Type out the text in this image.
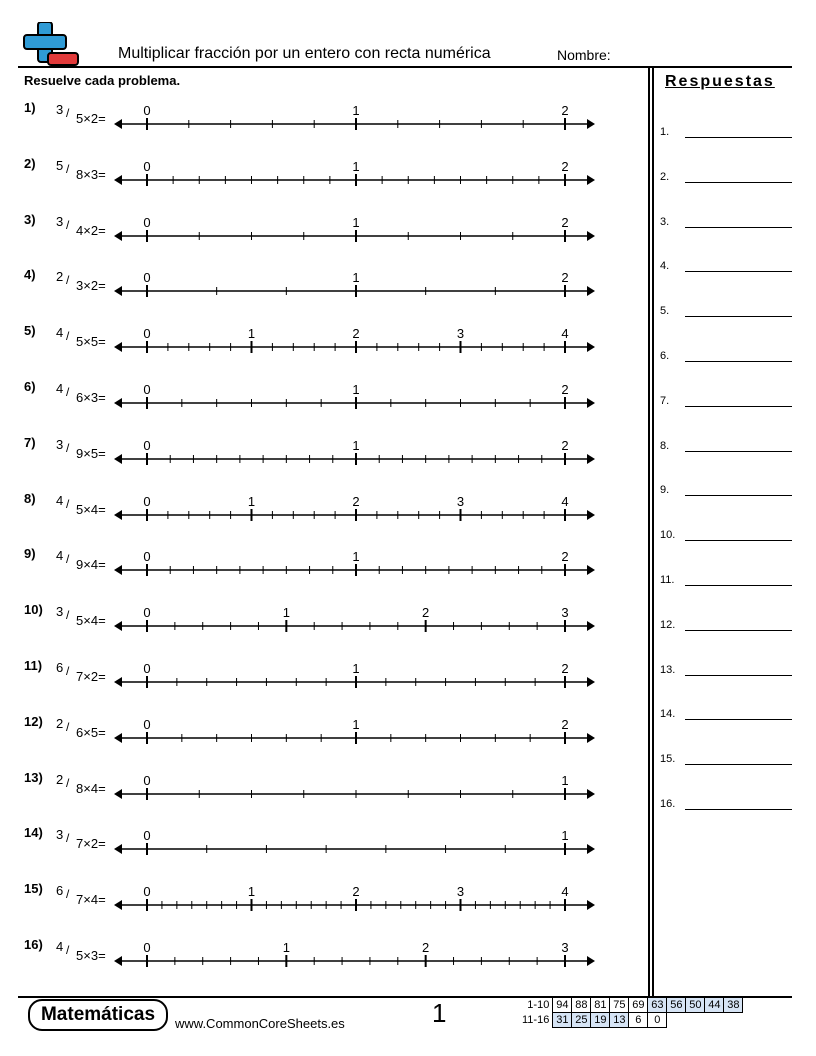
Multiplicar fracción por un entero con recta numérica	Nombre:
Resuelve cada problema.	Respuestas
1.
2.
3.
4.
5.
6.
7.
8.
9.
10.
11.
12.
13.
14.
15.
16.
1) 3 / 5×2=
0	1	2
2) 5 / 8×3=
0	1	2
3) 3 / 4×2=
0	1	2
4) 2 / 3×2=
0	1	2
5) 4 / 5×5=
0	1	2	3	4
6) 4 / 6×3=
0	1	2
7) 3 / 9×5=
0	1	2
8) 4 / 5×4=
0	1	2	3	4
9) 4 / 9×4=
0	1	2
10) 3 / 5×4=
0	1	2	3
11) 6 / 7×2=
0	1	2
12) 2 / 6×5=
0	1	2
13) 2 / 8×4=
0	1
14) 3 / 7×2=
0	1
15) 6 / 7×4=
0	1	2	3	4
16) 4 / 5×3=
0	1	2	3
Matemáticas	www.CommonCoreSheets.es	1	1-10	94	88	81	75	69	63	56	50	44	38
11-16	31	25	19	13	6	0				
